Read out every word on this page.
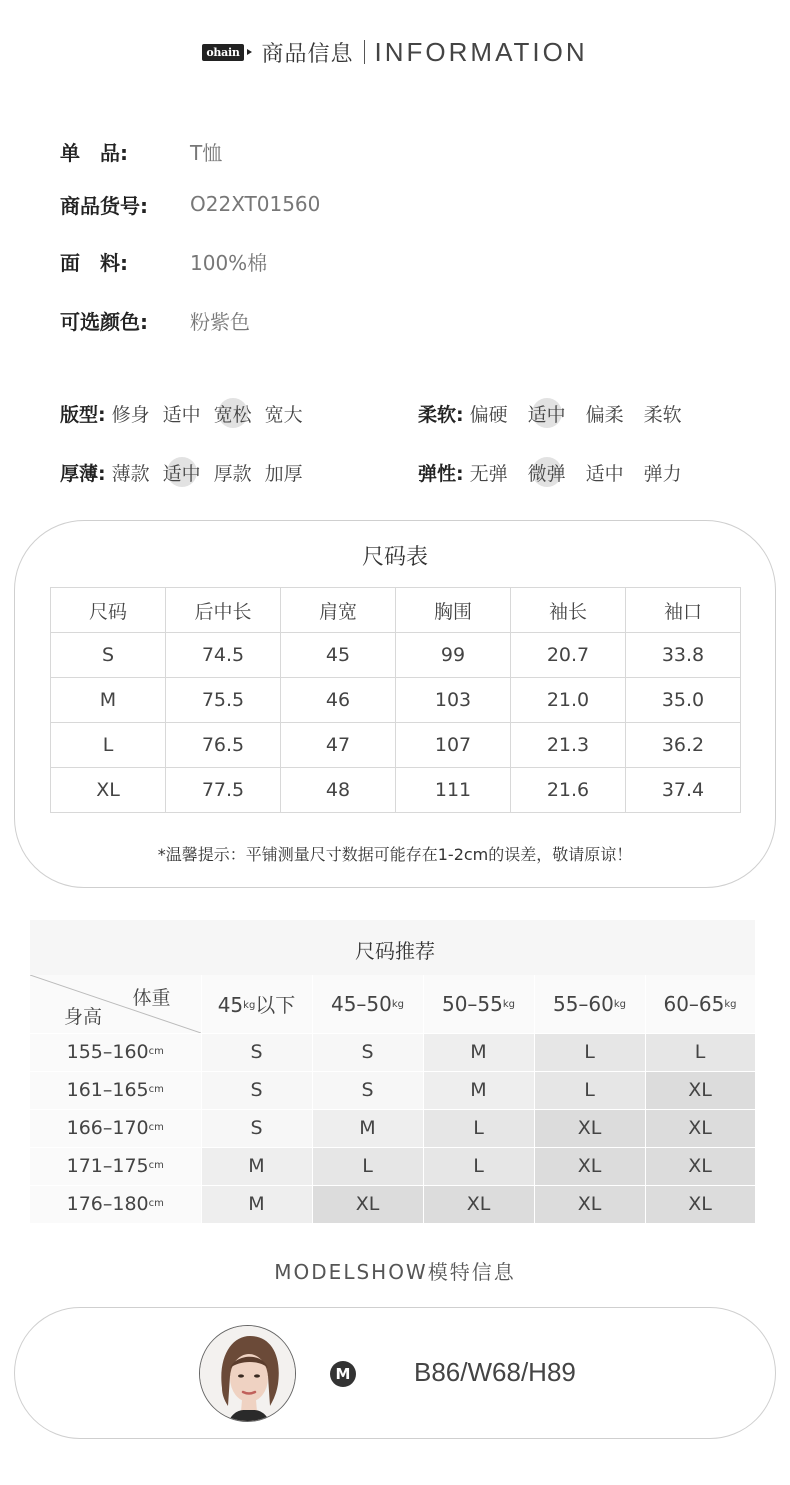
ohain 商品信息 INFORMATION
单　品:	T恤
商品货号:	O22XT01560
面　料:	100%棉
可选颜色:	粉紫色
版型: 修身 适中 宽松 宽大	柔软: 偏硬 适中 偏柔 柔软
厚薄: 薄款 适中 厚款 加厚	弹性: 无弹 微弹 适中 弹力
尺码表
尺码	后中长	肩宽	胸围	袖长	袖口
S	74.5	45	99	20.7	33.8
M	75.5	46	103	21.0	35.0
L	76.5	47	107	21.3	36.2
XL	77.5	48	111	21.6	37.4
*温馨提示：平铺测量尺寸数据可能存在1-2cm的误差，敬请原谅！
尺码推荐
体重
身高	$45^{kg}$以下	$45-50^{kg}$	$50-55^{kg}$	$55-60^{kg}$	$60-65^{kg}$
$155-160^{cm}$	S	S	M	L	L
$161-165^{cm}$	S	S	M	L	XL
$166-170^{cm}$	S	M	L	XL	XL
$171-175^{cm}$	M	L	L	XL	XL
$176-180^{cm}$	M	XL	XL	XL	XL
MODELSHOW模特信息
M B86/W68/H89
